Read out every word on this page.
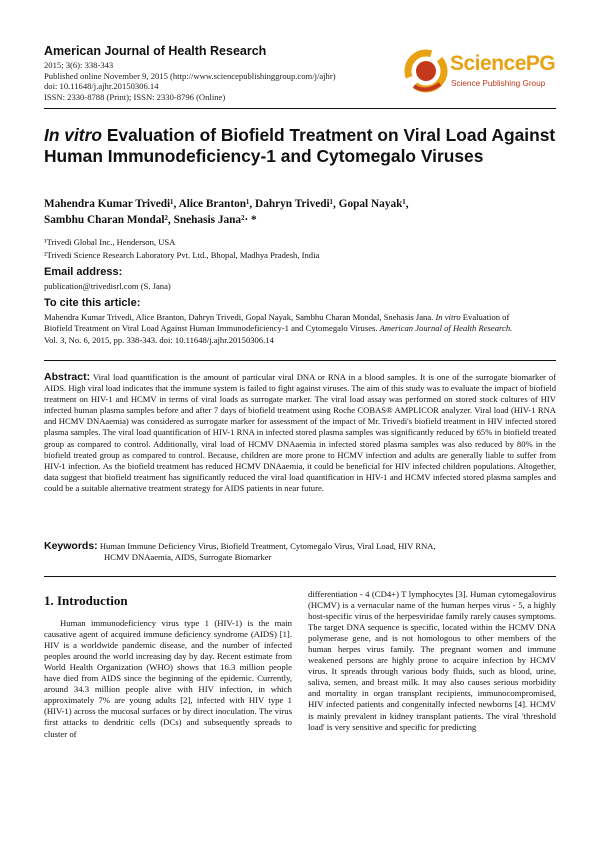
American Journal of Health Research
2015; 3(6): 338-343
Published online November 9, 2015 (http://www.sciencepublishinggroup.com/j/ajhr)
doi: 10.11648/j.ajhr.20150306.14
ISSN: 2330-8788 (Print); ISSN: 2330-8796 (Online)
SciencePG
Science Publishing Group
In vitro Evaluation of Biofield Treatment on Viral Load Against Human Immunodeficiency-1 and Cytomegalo Viruses
Mahendra Kumar Trivedi¹, Alice Branton¹, Dahryn Trivedi¹, Gopal Nayak¹,
Sambhu Charan Mondal², Snehasis Jana²· *
¹Trivedi Global Inc., Henderson, USA
²Trivedi Science Research Laboratory Pvt. Ltd., Bhopal, Madhya Pradesh, India
Email address:
publication@trivedisrl.com (S. Jana)
To cite this article:
Mahendra Kumar Trivedi, Alice Branton, Dahryn Trivedi, Gopal Nayak, Sambhu Charan Mondal, Snehasis Jana. In vitro Evaluation of
Biofield Treatment on Viral Load Against Human Immunodeficiency-1 and Cytomegalo Viruses. American Journal of Health Research.
Vol. 3, No. 6, 2015, pp. 338-343. doi: 10.11648/j.ajhr.20150306.14
Abstract: Viral load quantification is the amount of particular viral DNA or RNA in a blood samples. It is one of the surrogate biomarker of AIDS. High viral load indicates that the immune system is failed to fight against viruses. The aim of this study was to evaluate the impact of biofield treatment on HIV-1 and HCMV in terms of viral loads as surrogate marker. The viral load assay was performed on stored stock cultures of HIV infected human plasma samples before and after 7 days of biofield treatment using Roche COBAS® AMPLICOR analyzer. Viral load (HIV-1 RNA and HCMV DNAaemia) was considered as surrogate marker for assessment of the impact of Mr. Trivedi's biofield treatment in HIV infected stored plasma samples. The viral load quantification of HIV-1 RNA in infected stored plasma samples was significantly reduced by 65% in biofield treated group as compared to control. Additionally, viral load of HCMV DNAaemia in infected stored plasma samples was also reduced by 80% in the biofield treated group as compared to control. Because, children are more prone to HCMV infection and adults are generally liable to suffer from HIV-1 infection. As the biofield treatment has reduced HCMV DNAaemia, it could be beneficial for HIV infected children populations. Altogether, data suggest that biofield treatment has significantly reduced the viral load quantification in HIV-1 and HCMV infected stored plasma samples and could be a suitable alternative treatment strategy for AIDS patients in near future.
Keywords: Human Immune Deficiency Virus, Biofield Treatment, Cytomegalo Virus, Viral Load, HIV RNA,
HCMV DNAaemia, AIDS, Surrogate Biomarker
1. Introduction

Human immunodeficiency virus type 1 (HIV-1) is the main causative agent of acquired immune deficiency syndrome (AIDS) [1]. HIV is a worldwide pandemic disease, and the number of infected peoples around the world increasing day by day. Recent estimate from World Health Organization (WHO) shows that 16.3 million people have died from AIDS since the beginning of the epidemic. Currently, around 34.3 million people alive with HIV infection, in which approximately 7% are young adults [2], infected with HIV type 1 (HIV-1) across the mucosal surfaces or by direct inoculation. The virus first attacks to dendritic cells (DCs) and subsequently spreads to cluster of

differentiation - 4 (CD4+) T lymphocytes [3]. Human cytomegalovirus (HCMV) is a vernacular name of the human herpes virus - 5, a highly host-specific virus of the herpesviridae family rarely causes symptoms. The target DNA sequence is specific, located within the HCMV DNA polymerase gene, and is not homologous to other members of the human herpes virus family. The pregnant women and immune weakened persons are highly prone to acquire infection by HCMV virus. It spreads through various body fluids, such as blood, urine, saliva, semen, and breast milk. It may also causes serious morbidity and mortality in organ transplant recipients, immunocompromised, HIV infected patients and congenitally infected newborns [4]. HCMV is mainly prevalent in kidney transplant patients. The viral 'threshold load' is very sensitive and specific for predicting
